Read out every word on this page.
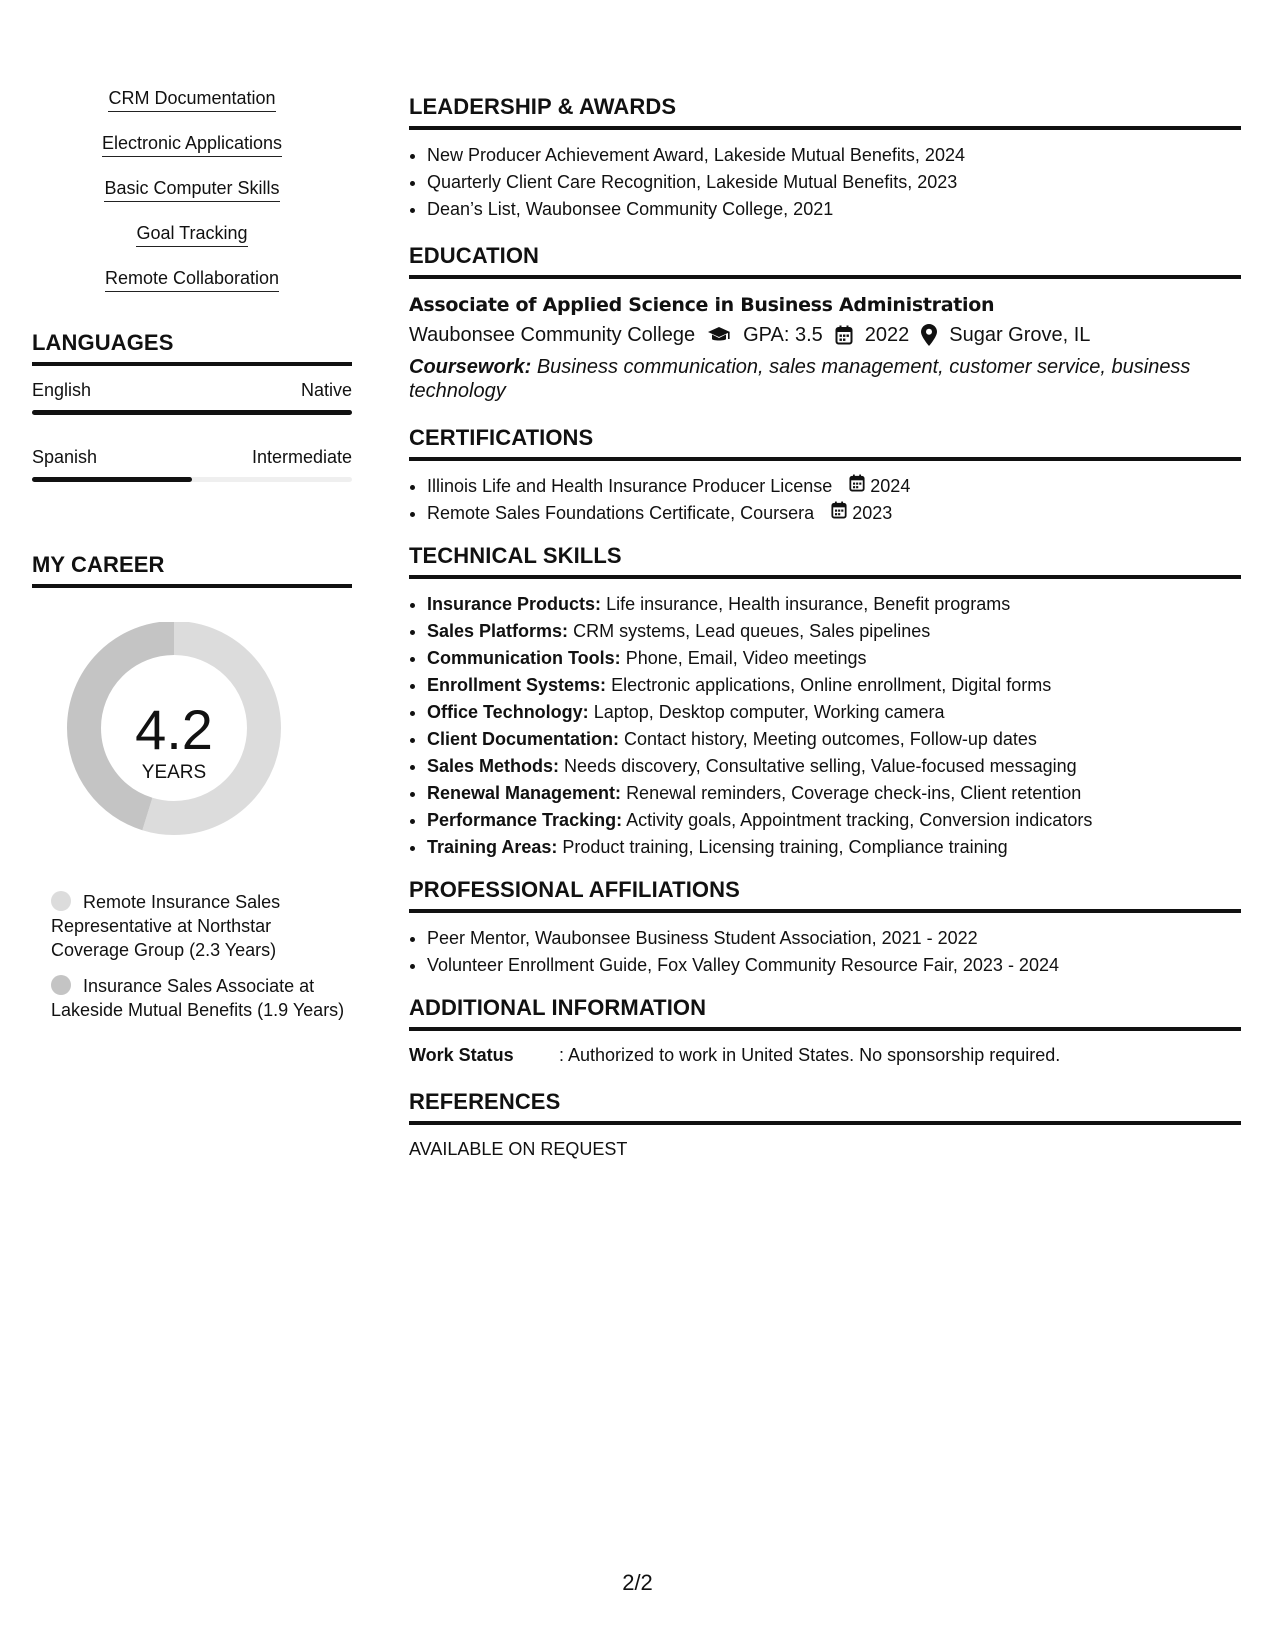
CRM Documentation
Electronic Applications
Basic Computer Skills
Goal Tracking
Remote Collaboration
LANGUAGES
English	Native
Spanish	Intermediate
MY CAREER
4.2
YEARS
Remote Insurance Sales Representative at Northstar Coverage Group (2.3 Years)
Insurance Sales Associate at Lakeside Mutual Benefits (1.9 Years)
LEADERSHIP & AWARDS
• New Producer Achievement Award, Lakeside Mutual Benefits, 2024
• Quarterly Client Care Recognition, Lakeside Mutual Benefits, 2023
• Dean’s List, Waubonsee Community College, 2021
EDUCATION
Associate of Applied Science in Business Administration
Waubonsee Community College GPA: 3.5 2022 Sugar Grove, IL
Coursework: Business communication, sales management, customer service, business technology
CERTIFICATIONS
• Illinois Life and Health Insurance Producer License 2024
• Remote Sales Foundations Certificate, Coursera 2023
TECHNICAL SKILLS
• Insurance Products: Life insurance, Health insurance, Benefit programs
• Sales Platforms: CRM systems, Lead queues, Sales pipelines
• Communication Tools: Phone, Email, Video meetings
• Enrollment Systems: Electronic applications, Online enrollment, Digital forms
• Office Technology: Laptop, Desktop computer, Working camera
• Client Documentation: Contact history, Meeting outcomes, Follow-up dates
• Sales Methods: Needs discovery, Consultative selling, Value-focused messaging
• Renewal Management: Renewal reminders, Coverage check-ins, Client retention
• Performance Tracking: Activity goals, Appointment tracking, Conversion indicators
• Training Areas: Product training, Licensing training, Compliance training
PROFESSIONAL AFFILIATIONS
• Peer Mentor, Waubonsee Business Student Association, 2021 - 2022
• Volunteer Enrollment Guide, Fox Valley Community Resource Fair, 2023 - 2024
ADDITIONAL INFORMATION
Work Status	: Authorized to work in United States. No sponsorship required.
REFERENCES
AVAILABLE ON REQUEST
2/2
